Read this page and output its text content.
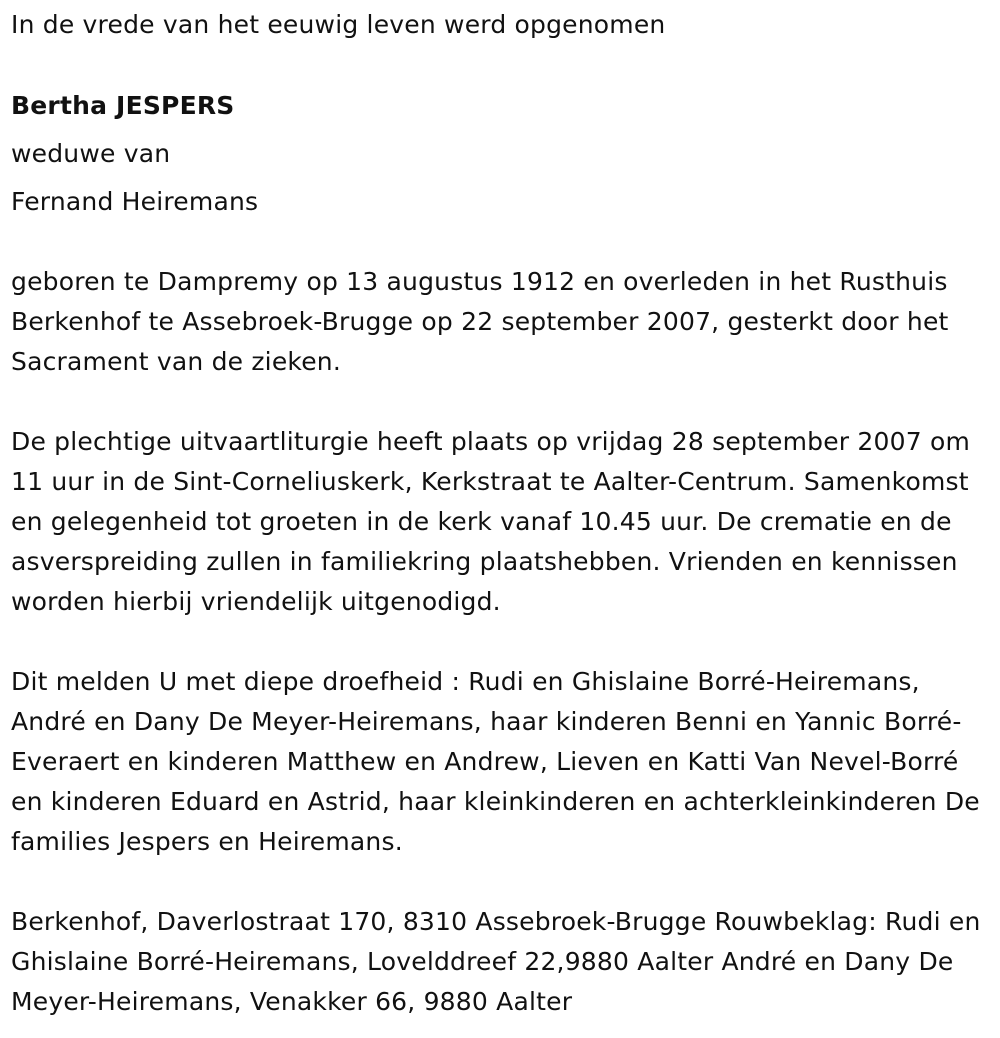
In de vrede van het eeuwig leven werd opgenomen
Bertha JESPERS
weduwe van
Fernand Heiremans

geboren te Dampremy op 13 augustus 1912 en overleden in het Rusthuis Berkenhof te Assebroek-Brugge op 22 september 2007, gesterkt door het Sacrament van de zieken.

De plechtige uitvaartliturgie heeft plaats op vrijdag 28 september 2007 om 11 uur in de Sint-Corneliuskerk, Kerkstraat te Aalter-Centrum. Samenkomst en gelegenheid tot groeten in de kerk vanaf 10.45 uur. De crematie en de asverspreiding zullen in familiekring plaatshebben. Vrienden en kennissen worden hierbij vriendelijk uitgenodigd.

Dit melden U met diepe droefheid : Rudi en Ghislaine Borré-Heiremans, André en Dany De Meyer-Heiremans, haar kinderen Benni en Yannic Borré-Everaert en kinderen Matthew en Andrew, Lieven en Katti Van Nevel-Borré en kinderen Eduard en Astrid, haar kleinkinderen en achterkleinkinderen De families Jespers en Heiremans.

Berkenhof, Daverlostraat 170, 8310 Assebroek-Brugge Rouwbeklag: Rudi en Ghislaine Borré-Heiremans, Lovelddreef 22,9880 Aalter André en Dany De Meyer-Heiremans, Venakker 66, 9880 Aalter
